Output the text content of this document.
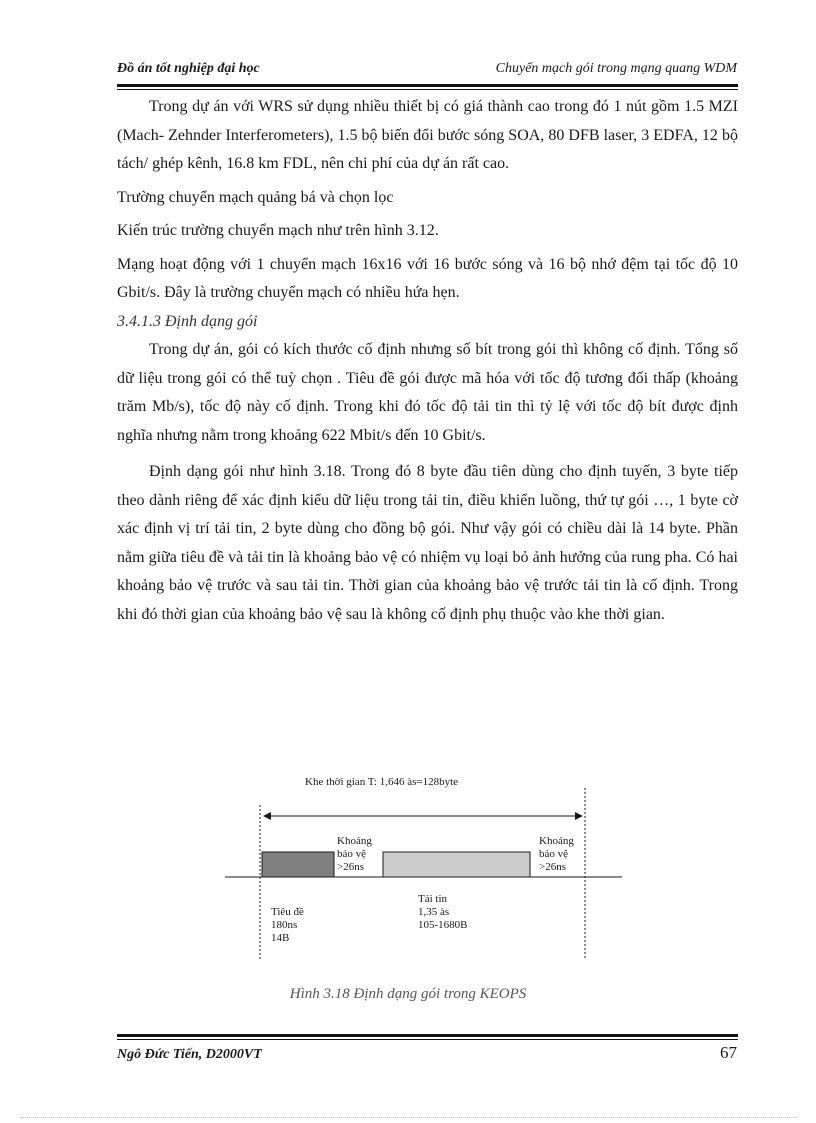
Đồ án tốt nghiệp đại học	Chuyển mạch gói trong mạng quang WDM

Trong dự án với WRS sử dụng nhiều thiết bị có giá thành cao trong đó 1 nút gồm 1.5 MZI (Mach- Zehnder Interferometers), 1.5 bộ biến đổi bước sóng SOA, 80 DFB laser, 3 EDFA, 12 bộ tách/ ghép kênh, 16.8 km FDL, nên chi phí của dự án rất cao.

Trường chuyển mạch quảng bá và chọn lọc

Kiến trúc trường chuyển mạch như trên hình 3.12.

Mạng hoạt động với 1 chuyển mạch 16x16 với 16 bước sóng và 16 bộ nhớ đệm tại tốc độ 10 Gbit/s. Đây là trường chuyển mạch có nhiều hứa hẹn.

3.4.1.3 Định dạng gói

Trong dự án, gói có kích thước cố định nhưng số bít trong gói thì không cố định. Tổng số dữ liệu trong gói có thể tuỳ chọn . Tiêu đề gói được mã hóa với tốc độ tương đối thấp (khoảng trăm Mb/s), tốc độ này cố định. Trong khi đó tốc độ tải tin thì tỷ lệ với tốc độ bít được định nghĩa nhưng nằm trong khoảng 622 Mbit/s đến 10 Gbit/s.

Định dạng gói như hình 3.18. Trong đó 8 byte đầu tiên dùng cho định tuyến, 3 byte tiếp theo dành riêng để xác định kiểu dữ liệu trong tải tin, điều khiển luồng, thứ tự gói …, 1 byte cờ xác định vị trí tải tin, 2 byte dùng cho đồng bộ gói. Như vậy gói có chiều dài là 14 byte. Phần nằm giữa tiêu đề và tải tin là khoảng bảo vệ có nhiệm vụ loại bỏ ảnh hưởng của rung pha. Có hai khoảng bảo vệ trước và sau tải tin. Thời gian của khoảng bảo vệ trước tải tin là cố định. Trong khi đó thời gian của khoảng bảo vệ sau là không cố định phụ thuộc vào khe thời gian.

Khe thời gian T: 1,646 às=128byte
Khoảng
bảo vệ
>26ns
Khoảng
bảo vệ
>26ns
Tiêu đề
180ns
14B
Tải tin
1,35 às
105-1680B
Hình 3.18 Định dạng gói trong KEOPS
Ngô Đức Tiến, D2000VT	67
